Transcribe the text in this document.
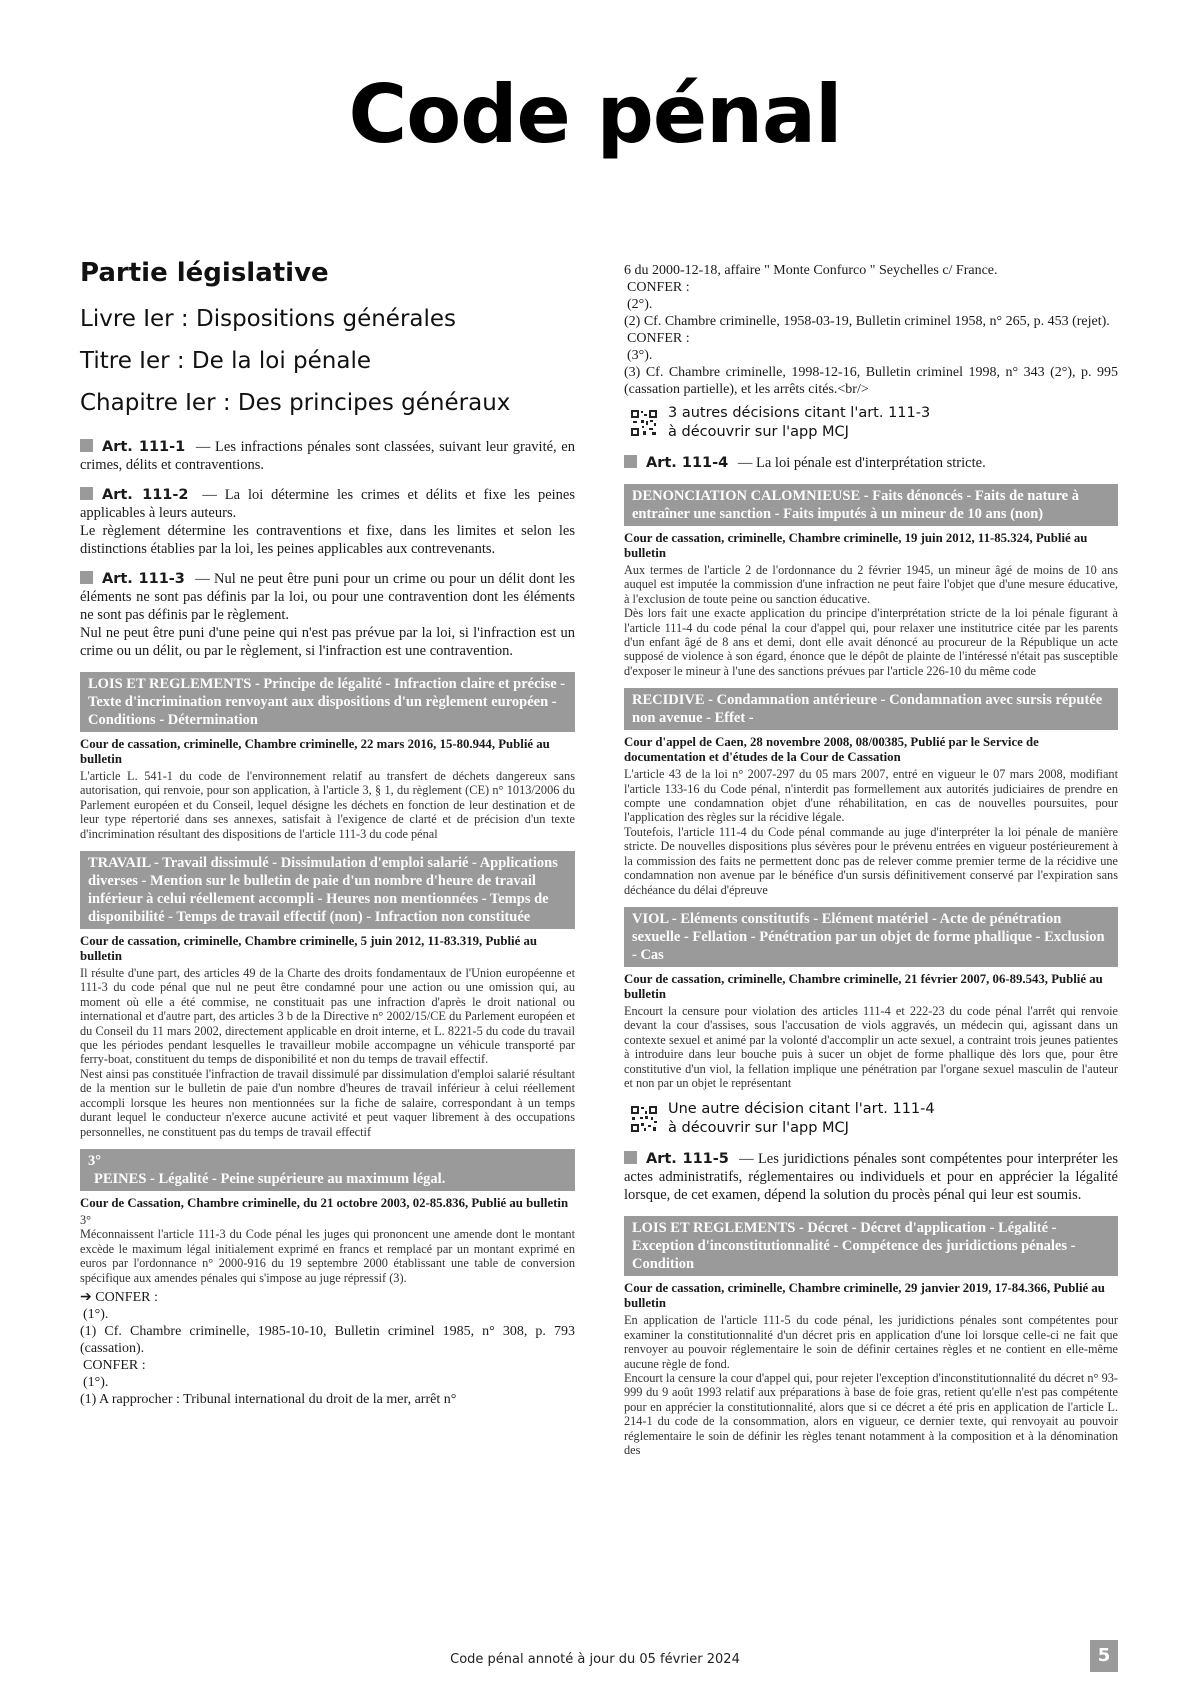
Code pénal
Partie législative
Livre Ier : Dispositions générales
Titre Ier : De la loi pénale
Chapitre Ier : Des principes généraux
Art. 111-1 — Les infractions pénales sont classées, suivant leur gravité, en crimes, délits et contraventions.
Art. 111-2 — La loi détermine les crimes et délits et fixe les peines applicables à leurs auteurs.
Le règlement détermine les contraventions et fixe, dans les limites et selon les distinctions établies par la loi, les peines applicables aux contrevenants.
Art. 111-3 — Nul ne peut être puni pour un crime ou pour un délit dont les éléments ne sont pas définis par la loi, ou pour une contravention dont les éléments ne sont pas définis par le règlement.
Nul ne peut être puni d'une peine qui n'est pas prévue par la loi, si l'infraction est un crime ou un délit, ou par le règlement, si l'infraction est une contravention.
LOIS ET REGLEMENTS - Principe de légalité - Infraction claire et précise - Texte d'incrimination renvoyant aux dispositions d'un règlement européen - Conditions - Détermination
Cour de cassation, criminelle, Chambre criminelle, 22 mars 2016, 15-80.944, Publié au bulletin
L'article L. 541-1 du code de l'environnement relatif au transfert de déchets dangereux sans autorisation, qui renvoie, pour son application, à l'article 3, § 1, du règlement (CE) n° 1013/2006 du Parlement européen et du Conseil, lequel désigne les déchets en fonction de leur destination et de leur type répertorié dans ses annexes, satisfait à l'exigence de clarté et de précision d'un texte d'incrimination résultant des dispositions de l'article 111-3 du code pénal
TRAVAIL - Travail dissimulé - Dissimulation d'emploi salarié - Applications diverses - Mention sur le bulletin de paie d'un nombre d'heure de travail inférieur à celui réellement accompli - Heures non mentionnées - Temps de disponibilité - Temps de travail effectif (non) - Infraction non constituée
Cour de cassation, criminelle, Chambre criminelle, 5 juin 2012, 11-83.319, Publié au bulletin
Il résulte d'une part, des articles 49 de la Charte des droits fondamentaux de l'Union européenne et 111-3 du code pénal que nul ne peut être condamné pour une action ou une omission qui, au moment où elle a été commise, ne constituait pas une infraction d'après le droit national ou international et d'autre part, des articles 3 b de la Directive n° 2002/15/CE du Parlement européen et du Conseil du 11 mars 2002, directement applicable en droit interne, et L. 8221-5 du code du travail que les périodes pendant lesquelles le travailleur mobile accompagne un véhicule transporté par ferry-boat, constituent du temps de disponibilité et non du temps de travail effectif.
Nest ainsi pas constituée l'infraction de travail dissimulé par dissimulation d'emploi salarié résultant de la mention sur le bulletin de paie d'un nombre d'heures de travail inférieur à celui réellement accompli lorsque les heures non mentionnées sur la fiche de salaire, correspondant à un temps durant lequel le conducteur n'exerce aucune activité et peut vaquer librement à des occupations personnelles, ne constituent pas du temps de travail effectif
3°
PEINES - Légalité - Peine supérieure au maximum légal.
Cour de Cassation, Chambre criminelle, du 21 octobre 2003, 02-85.836, Publié au bulletin
3°
Méconnaissent l'article 111-3 du Code pénal les juges qui prononcent une amende dont le montant excède le maximum légal initialement exprimé en francs et remplacé par un montant exprimé en euros par l'ordonnance n° 2000-916 du 19 septembre 2000 établissant une table de conversion spécifique aux amendes pénales qui s'impose au juge répressif (3).
➔ CONFER :
(1°).
(1) Cf. Chambre criminelle, 1985-10-10, Bulletin criminel 1985, n° 308, p. 793 (cassation).
CONFER :
(1°).
(1) A rapprocher : Tribunal international du droit de la mer, arrêt n°
6 du 2000-12-18, affaire " Monte Confurco " Seychelles c/ France.
CONFER :
(2°).
(2) Cf. Chambre criminelle, 1958-03-19, Bulletin criminel 1958, n° 265, p. 453 (rejet).
CONFER :
(3°).
(3) Cf. Chambre criminelle, 1998-12-16, Bulletin criminel 1998, n° 343 (2°), p. 995 (cassation partielle), et les arrêts cités.<br/>
3 autres décisions citant l'art. 111-3
à découvrir sur l'app MCJ
Art. 111-4 — La loi pénale est d'interprétation stricte.
DENONCIATION CALOMNIEUSE - Faits dénoncés - Faits de nature à entraîner une sanction - Faits imputés à un mineur de 10 ans (non)
Cour de cassation, criminelle, Chambre criminelle, 19 juin 2012, 11-85.324, Publié au bulletin
Aux termes de l'article 2 de l'ordonnance du 2 février 1945, un mineur âgé de moins de 10 ans auquel est imputée la commission d'une infraction ne peut faire l'objet que d'une mesure éducative, à l'exclusion de toute peine ou sanction éducative.
Dès lors fait une exacte application du principe d'interprétation stricte de la loi pénale figurant à l'article 111-4 du code pénal la cour d'appel qui, pour relaxer une institutrice citée par les parents d'un enfant âgé de 8 ans et demi, dont elle avait dénoncé au procureur de la République un acte supposé de violence à son égard, énonce que le dépôt de plainte de l'intéressé n'était pas susceptible d'exposer le mineur à l'une des sanctions prévues par l'article 226-10 du même code
RECIDIVE - Condamnation antérieure - Condamnation avec sursis réputée non avenue - Effet -
Cour d'appel de Caen, 28 novembre 2008, 08/00385, Publié par le Service de documentation et d'études de la Cour de Cassation
L'article 43 de la loi n° 2007-297 du 05 mars 2007, entré en vigueur le 07 mars 2008, modifiant l'article 133-16 du Code pénal, n'interdit pas formellement aux autorités judiciaires de prendre en compte une condamnation objet d'une réhabilitation, en cas de nouvelles poursuites, pour l'application des règles sur la récidive légale.
Toutefois, l'article 111-4 du Code pénal commande au juge d'interpréter la loi pénale de manière stricte. De nouvelles dispositions plus sévères pour le prévenu entrées en vigueur postérieurement à la commission des faits ne permettent donc pas de relever comme premier terme de la récidive une condamnation non avenue par le bénéfice d'un sursis définitivement conservé par l'expiration sans déchéance du délai d'épreuve
VIOL - Eléments constitutifs - Elément matériel - Acte de pénétration sexuelle - Fellation - Pénétration par un objet de forme phallique - Exclusion - Cas
Cour de cassation, criminelle, Chambre criminelle, 21 février 2007, 06-89.543, Publié au bulletin
Encourt la censure pour violation des articles 111-4 et 222-23 du code pénal l'arrêt qui renvoie devant la cour d'assises, sous l'accusation de viols aggravés, un médecin qui, agissant dans un contexte sexuel et animé par la volonté d'accomplir un acte sexuel, a contraint trois jeunes patientes à introduire dans leur bouche puis à sucer un objet de forme phallique dès lors que, pour être constitutive d'un viol, la fellation implique une pénétration par l'organe sexuel masculin de l'auteur et non par un objet le représentant
Une autre décision citant l'art. 111-4
à découvrir sur l'app MCJ
Art. 111-5 — Les juridictions pénales sont compétentes pour interpréter les actes administratifs, réglementaires ou individuels et pour en apprécier la légalité lorsque, de cet examen, dépend la solution du procès pénal qui leur est soumis.
LOIS ET REGLEMENTS - Décret - Décret d'application - Légalité - Exception d'inconstitutionnalité - Compétence des juridictions pénales - Condition
Cour de cassation, criminelle, Chambre criminelle, 29 janvier 2019, 17-84.366, Publié au bulletin
En application de l'article 111-5 du code pénal, les juridictions pénales sont compétentes pour examiner la constitutionnalité d'un décret pris en application d'une loi lorsque celle-ci ne fait que renvoyer au pouvoir réglementaire le soin de définir certaines règles et ne contient en elle-même aucune règle de fond.
Encourt la censure la cour d'appel qui, pour rejeter l'exception d'inconstitutionnalité du décret n° 93-999 du 9 août 1993 relatif aux préparations à base de foie gras, retient qu'elle n'est pas compétente pour en apprécier la constitutionnalité, alors que si ce décret a été pris en application de l'article L. 214-1 du code de la consommation, alors en vigueur, ce dernier texte, qui renvoyait au pouvoir réglementaire le soin de définir les règles tenant notamment à la composition et à la dénomination des
Code pénal annoté à jour du 05 février 2024	5
